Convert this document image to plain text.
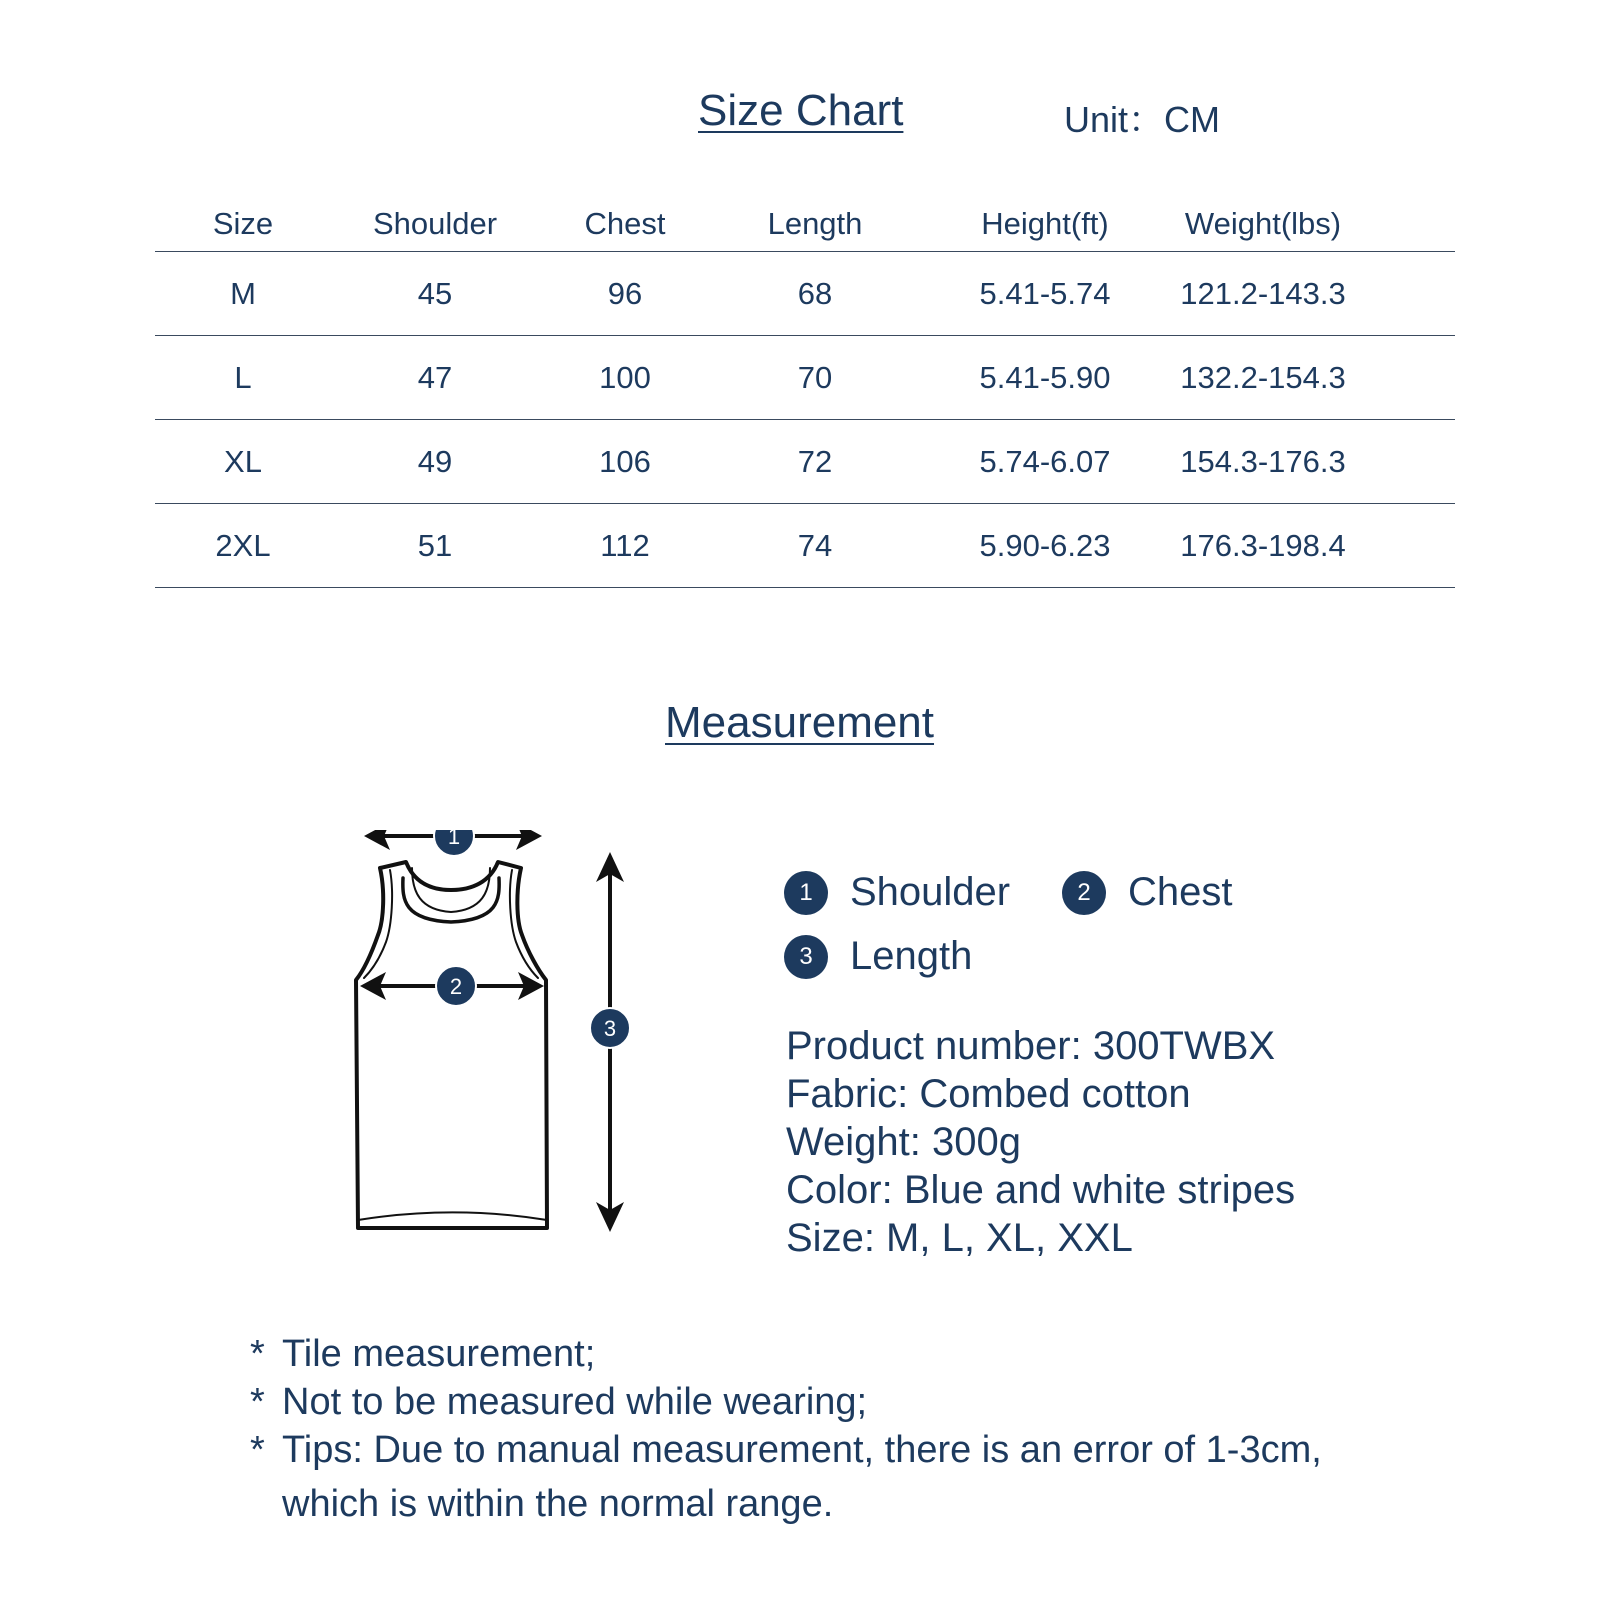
Size Chart	Unit：CM
Size	Shoulder	Chest	Length	Height(ft) Weight(lbs)
M	45	96	68	5.41-5.74 121.2-143.3
L	47	100	70	5.41-5.90 132.2-154.3
XL	49	106	72	5.74-6.07 154.3-176.3
2XL	51	112	74	5.90-6.23 176.3-198.4
Measurement
1
2
3
1 Shoulder	2 Chest
3 Length
Product number: 300TWBX
Fabric: Combed cotton
Weight: 300g
Color: Blue and white stripes
Size: M, L, XL, XXL
* Tile measurement;
* Not to be measured while wearing;
* Tips: Due to manual measurement, there is an error of 1-3cm,
which is within the normal range.
